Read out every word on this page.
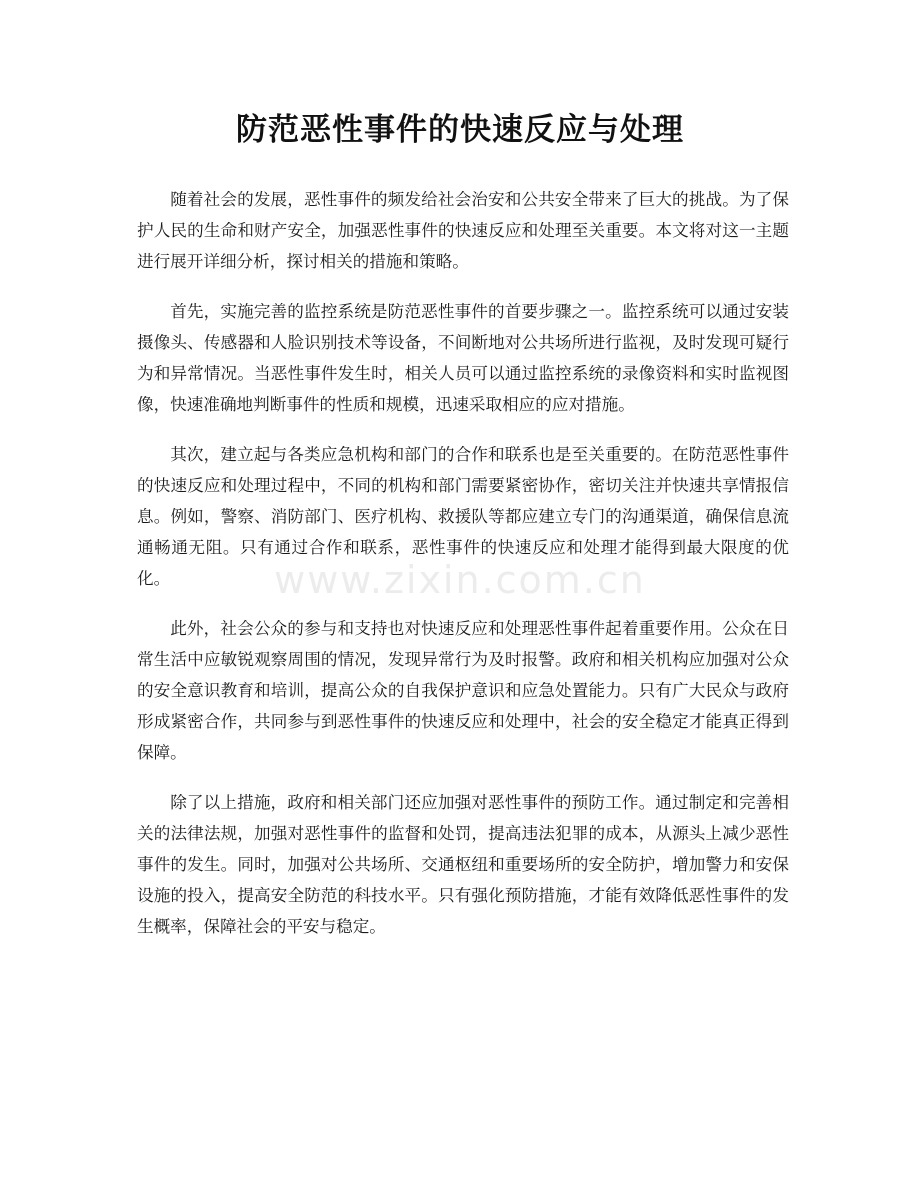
防范恶性事件的快速反应与处理

随着社会的发展，恶性事件的频发给社会治安和公共安全带来了巨大的挑战。为了保护人民的生命和财产安全，加强恶性事件的快速反应和处理至关重要。本文将对这一主题进行展开详细分析，探讨相关的措施和策略。

首先，实施完善的监控系统是防范恶性事件的首要步骤之一。监控系统可以通过安装摄像头、传感器和人脸识别技术等设备，不间断地对公共场所进行监视，及时发现可疑行为和异常情况。当恶性事件发生时，相关人员可以通过监控系统的录像资料和实时监视图像，快速准确地判断事件的性质和规模，迅速采取相应的应对措施。

其次，建立起与各类应急机构和部门的合作和联系也是至关重要的。在防范恶性事件的快速反应和处理过程中，不同的机构和部门需要紧密协作，密切关注并快速共享情报信息。例如，警察、消防部门、医疗机构、救援队等都应建立专门的沟通渠道，确保信息流通畅通无阻。只有通过合作和联系，恶性事件的快速反应和处理才能得到最大限度的优化。

此外，社会公众的参与和支持也对快速反应和处理恶性事件起着重要作用。公众在日常生活中应敏锐观察周围的情况，发现异常行为及时报警。政府和相关机构应加强对公众的安全意识教育和培训，提高公众的自我保护意识和应急处置能力。只有广大民众与政府形成紧密合作，共同参与到恶性事件的快速反应和处理中，社会的安全稳定才能真正得到保障。

除了以上措施，政府和相关部门还应加强对恶性事件的预防工作。通过制定和完善相关的法律法规，加强对恶性事件的监督和处罚，提高违法犯罪的成本，从源头上减少恶性事件的发生。同时，加强对公共场所、交通枢纽和重要场所的安全防护，增加警力和安保设施的投入，提高安全防范的科技水平。只有强化预防措施，才能有效降低恶性事件的发生概率，保障社会的平安与稳定。

www.zixin.com.cn
